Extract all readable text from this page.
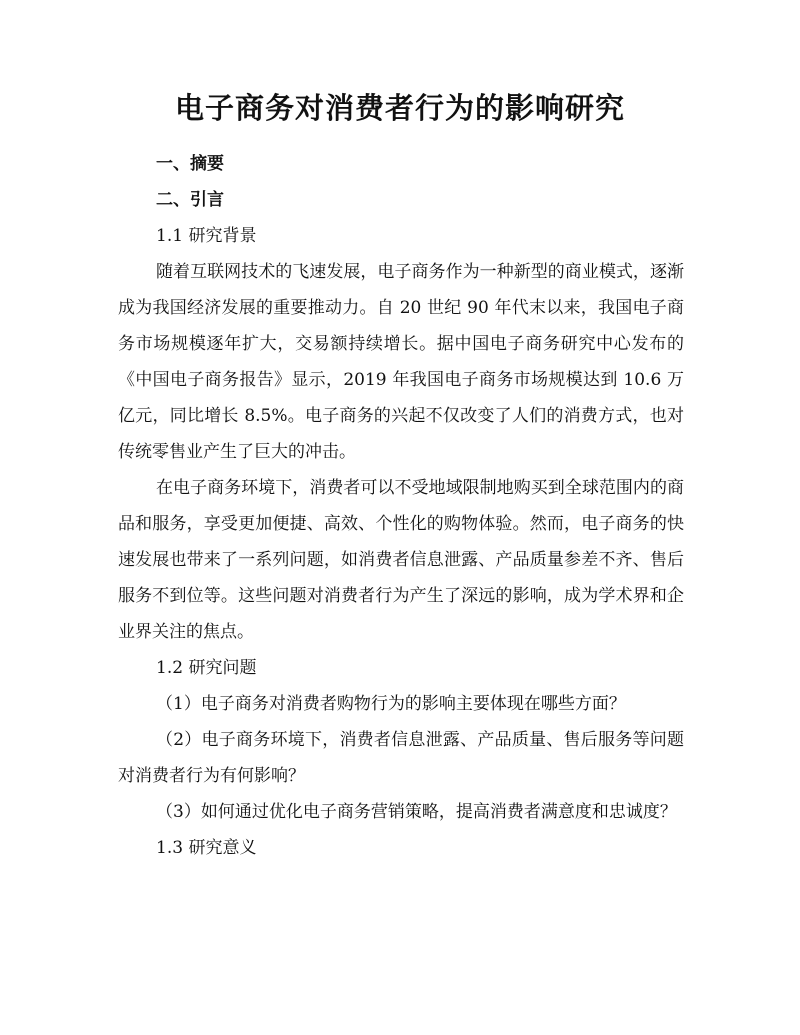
电子商务对消费者行为的影响研究

一、摘要

二、引言

1.1 研究背景

随着互联网技术的飞速发展，电子商务作为一种新型的商业模式，逐渐成为我国经济发展的重要推动力。自 20 世纪 90 年代末以来，我国电子商务市场规模逐年扩大，交易额持续增长。据中国电子商务研究中心发布的《中国电子商务报告》显示，2019 年我国电子商务市场规模达到 10.6 万亿元，同比增长 8.5%。电子商务的兴起不仅改变了人们的消费方式，也对传统零售业产生了巨大的冲击。

在电子商务环境下，消费者可以不受地域限制地购买到全球范围内的商品和服务，享受更加便捷、高效、个性化的购物体验。然而，电子商务的快速发展也带来了一系列问题，如消费者信息泄露、产品质量参差不齐、售后服务不到位等。这些问题对消费者行为产生了深远的影响，成为学术界和企业界关注的焦点。

1.2 研究问题

（1）电子商务对消费者购物行为的影响主要体现在哪些方面？

（2）电子商务环境下，消费者信息泄露、产品质量、售后服务等问题对消费者行为有何影响？

（3）如何通过优化电子商务营销策略，提高消费者满意度和忠诚度？

1.3 研究意义
